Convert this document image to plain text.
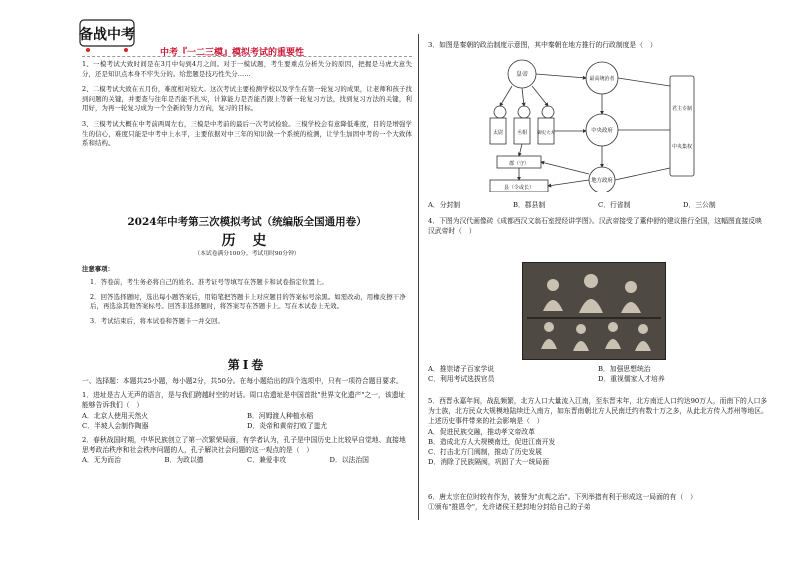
备战中考
中考『一二三模』模拟考试的重要性

1、一模考试大致时间是在3月中旬到4月之间。对于一模试题，考生要重点分析失分的原因，把握是马虎大意失分，还是知识点本身不牢失分的。给您题是技巧性失分……

2、二模考试大致在五月份，难度相对较大。这次考试主要检测学校以及学生在第一轮复习的成果，让老师和孩子找到问题的关键，并要查与往年是否能不扎实，计算能力是否能否跟上等新一轮复习方法，找到复习方法的关键，利用好，为再一轮复习成为一个全新的努力方向，复习的目标。

3、三模考试大概在中考前两周左右，三模是中考前的最后一次考试检验。三模学校会有意降低难度，目的是增强学生的信心，难度只能是中考中上水平，主要依据对中三年的知识做一个系统的检测，让学生加固中考的一个大致体系和结构。

2024年中考第三次模拟考试（统编版全国通用卷）
历 史
（本试卷满分100分，考试用时90分钟）
注意事项：

1．答卷前，考生务必将自己的姓名、准考证号等填写在答题卡和试卷指定位置上。

2．回答选择题时，选出每小题答案后，用铅笔把答题卡上对应题目的答案标号涂黑。如需改动，用橡皮擦干净后，再选涂其他答案标号。回答非选择题时，将答案写在答题卡上。写在本试卷上无效。

3．考试结束后，将本试卷和答题卡一并交回。

第Ⅰ卷
一、选择题：本题共25小题，每小题2分，共50分。在每小题给出的四个选项中，只有一项符合题目要求。
1．进址是古人无声的语言，是与我们跨越时空的对话。周口店遗址是中国首批"世界文化遗产"之一，该遗址能够告诉我们（　）
A．北京人使用天然火	B．河姆渡人种植水稻
C．半坡人会制作陶器	D．炎帝和黄帝打败了蚩尤
2．春秋战国时期，中华民族创立了第一次繁荣局面，有学者认为，孔子是中国历史上比较早自觉地、直接地思考政治秩序和社会秩序问题的人，孔子解决社会问题的这一观点的是（　）
A．无为而治	B．为政以德	C．兼爱非攻	D．以法治国
3．如图是秦朝的政治制度示意图，其中秦朝在地方推行的行政制度是（　）
皇帝
最高统治者
中央政府
地方政府
太尉	丞相 御史大夫
郡（守）
县（令或长）
君主专制
中央集权
A．分封制	B．郡县制	C．行省制	D．三公制
4．下图为汉代画像砖《成都西汉文翁石室授经讲学图》。汉武帝接受了董仲舒的建议推行全国，这幅图直接反映汉武帝时（　）
A．推崇诸子百家学说	B．加强思想统治
C．利用考试选拔官员	D．重视儒家人才培养
5．西晋永嘉年间，战乱频繁，北方人口大量流入江南，至东晋末年，北方南迁人口约达90万人，而南下的人口多为士族，北方民众大规模地陆续迁入南方，如东晋南朝北方人民南迁约有数十万之多，从此北方传入苏州等地区。上述历史事件带来的社会影响是（　）
A．促进民族交融，推动孝文帝改革
B．造成北方人大规模南迁，促进江南开发
C．打击北方门阀制，推动了历史发展
D．消除了民族隔阂，巩固了大一统局面
6．唐太宗在位时较有作为，被誉为"贞观之治"。下列举措有利于形成这一局面的有（　）
①颁布"推恩令"，允许诸侯王把封地分封给自己的子弟
